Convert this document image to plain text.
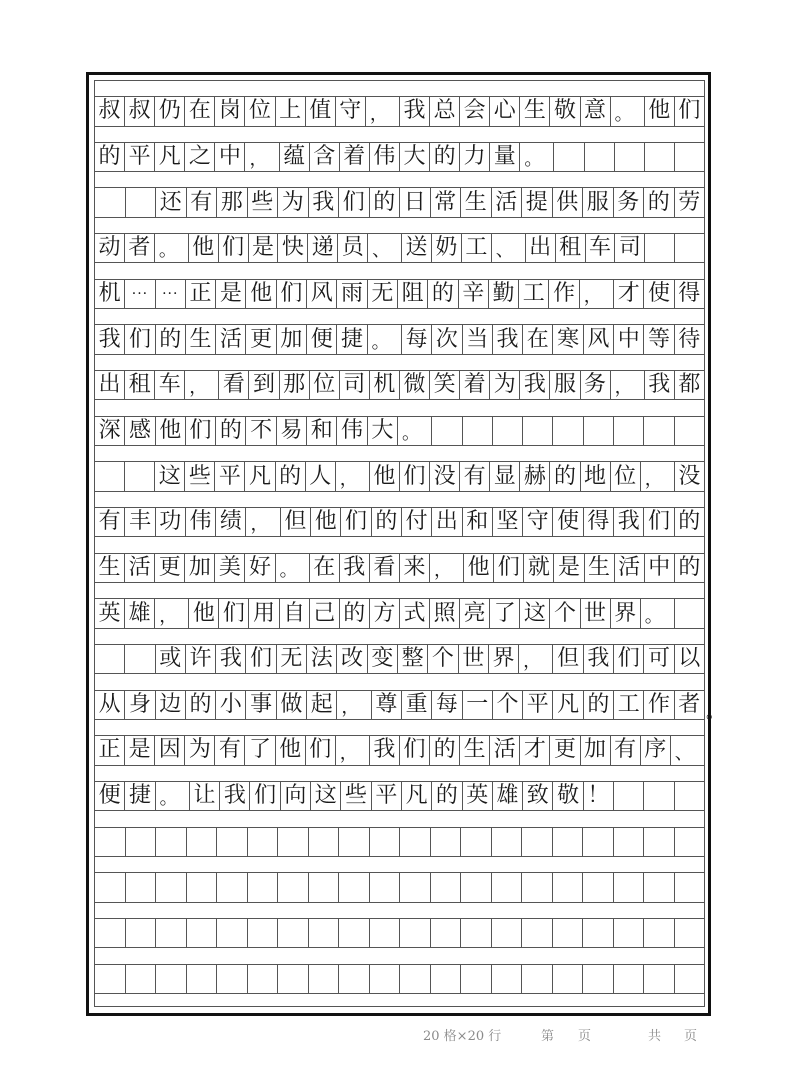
叔 叔 仍 在 岗 位 上 值 守 ， 我 总 会 心 生 敬 意 。 他 们
的 平 凡 之 中 ， 蕴 含 着 伟 大 的 力 量 。
还 有 那 些 为 我 们 的 日 常 生 活 提 供 服 务 的 劳
动 者 。 他 们 是 快 递 员 、 送 奶 工 、 出 租 车 司
机 ··· ··· 正 是 他 们 风 雨 无 阻 的 辛 勤 工 作 ， 才 使 得
我 们 的 生 活 更 加 便 捷 。 每 次 当 我 在 寒 风 中 等 待
出 租 车 ， 看 到 那 位 司 机 微 笑 着 为 我 服 务 ， 我 都
深 感 他 们 的 不 易 和 伟 大 。
这 些 平 凡 的 人 ， 他 们 没 有 显 赫 的 地 位 ， 没
有 丰 功 伟 绩 ， 但 他 们 的 付 出 和 坚 守 使 得 我 们 的
生 活 更 加 美 好 。 在 我 看 来 ， 他 们 就 是 生 活 中 的
英 雄 ， 他 们 用 自 己 的 方 式 照 亮 了 这 个 世 界 。
或 许 我 们 无 法 改 变 整 个 世 界 ， 但 我 们 可 以
从 身 边 的 小 事 做 起 ， 尊 重 每 一 个 平 凡 的 工 作 者
正 是 因 为 有 了 他 们 ， 我 们 的 生 活 才 更 加 有 序 、
便 捷 。 让 我 们 向 这 些 平 凡 的 英 雄 致 敬 ！
20 格×20 行	第 页	共 页
。
